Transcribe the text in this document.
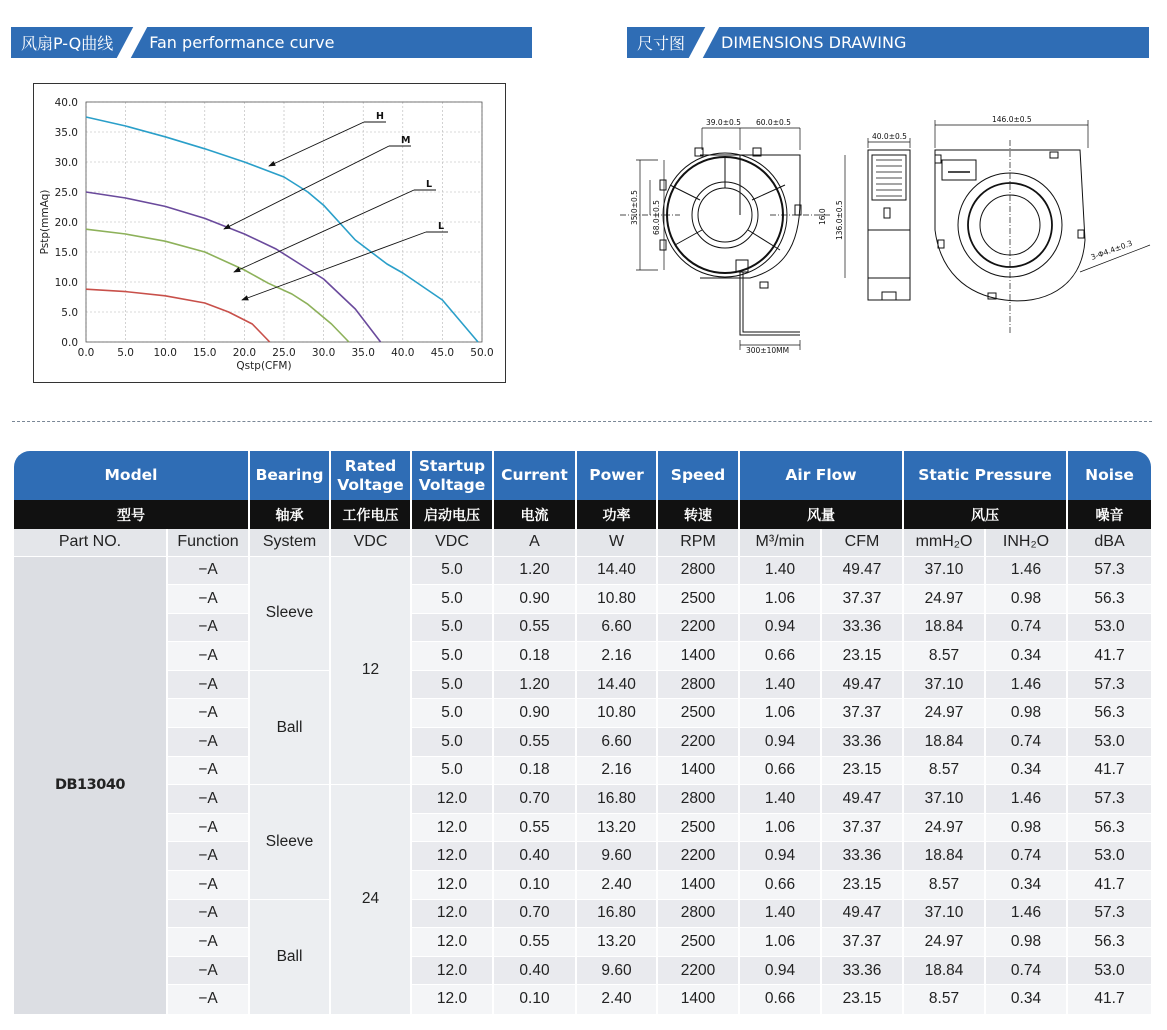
风扇P-Q曲线	Fan performance curve	尺寸图	DIMENSIONS DRAWING
0.0 5.0 10.0 15.0 20.0 25.0 30.0 35.0 40.0 45.0 50.0
0.0
5.0
10.0
15.0
20.0
25.0
30.0
35.0
40.0
Qstp(CFM)
Pstp(mmAq)
H
M
L
L
39.0±0.5 60.0±0.5
40.0±0.5
146.0±0.5
35.0±0.5 68.0±0.5	16.0 136.0±0.5
3-Φ4.4±0.3
300±10MM
Model		Bearing	Rated Voltage	Startup Voltage	Current	Power	Speed	Air Flow		Static Pressure		Noise
型号		轴承	工作电压	启动电压	电流	功率	转速	风量		风压		噪音
Part NO.	Function	System	VDC	VDC	A	W	RPM	M³/min	CFM	mmH₂O	INH₂O	dBA
DB13040	−A	Sleeve	12	5.0	1.20	14.40	2800	1.40	49.47	37.10	1.46	57.3
	−A			5.0	0.90	10.80	2500	1.06	37.37	24.97	0.98	56.3
	−A			5.0	0.55	6.60	2200	0.94	33.36	18.84	0.74	53.0
	−A			5.0	0.18	2.16	1400	0.66	23.15	8.57	0.34	41.7
	−A	Ball		5.0	1.20	14.40	2800	1.40	49.47	37.10	1.46	57.3
	−A			5.0	0.90	10.80	2500	1.06	37.37	24.97	0.98	56.3
	−A			5.0	0.55	6.60	2200	0.94	33.36	18.84	0.74	53.0
	−A			5.0	0.18	2.16	1400	0.66	23.15	8.57	0.34	41.7
	−A	Sleeve	24	12.0	0.70	16.80	2800	1.40	49.47	37.10	1.46	57.3
	−A			12.0	0.55	13.20	2500	1.06	37.37	24.97	0.98	56.3
	−A			12.0	0.40	9.60	2200	0.94	33.36	18.84	0.74	53.0
	−A			12.0	0.10	2.40	1400	0.66	23.15	8.57	0.34	41.7
	−A	Ball		12.0	0.70	16.80	2800	1.40	49.47	37.10	1.46	57.3
	−A			12.0	0.55	13.20	2500	1.06	37.37	24.97	0.98	56.3
	−A			12.0	0.40	9.60	2200	0.94	33.36	18.84	0.74	53.0
	−A			12.0	0.10	2.40	1400	0.66	23.15	8.57	0.34	41.7
